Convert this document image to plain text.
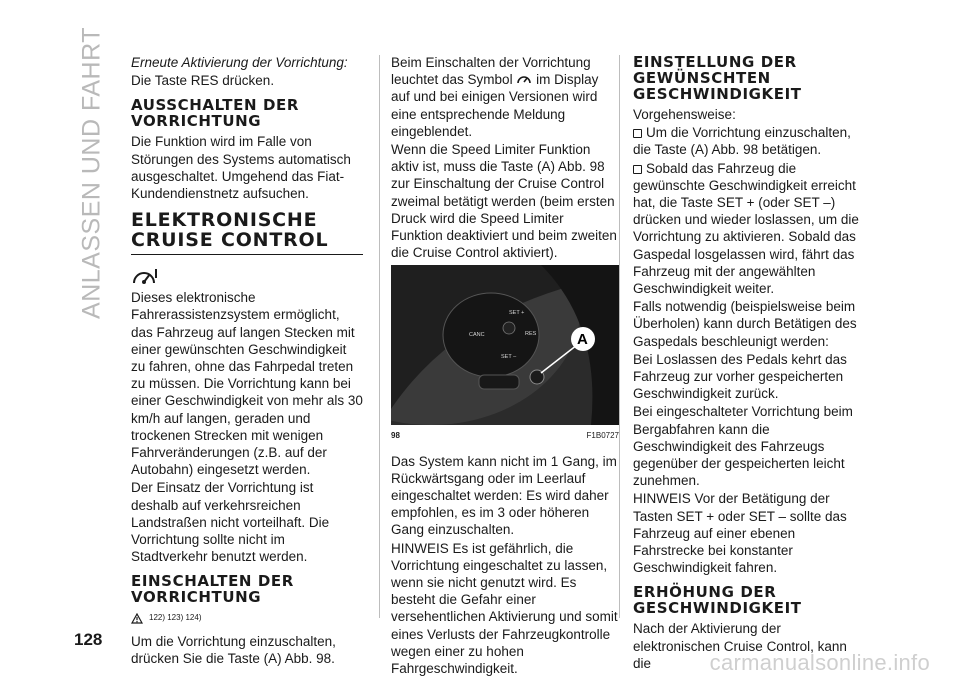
ANLASSEN UND FAHRT Erneute Aktivierung der Vorrichtung:

Die Taste RES drücken.

AUSSCHALTEN DER VORRICHTUNG

Die Funktion wird im Falle von Störungen des Systems automatisch ausgeschaltet. Umgehend das Fiat-Kundendienstnetz aufsuchen.

ELEKTRONISCHE CRUISE CONTROL

Dieses elektronische Fahrerassistenzsystem ermöglicht, das Fahrzeug auf langen Stecken mit einer gewünschten Geschwindigkeit zu fahren, ohne das Fahrpedal treten zu müssen. Die Vorrichtung kann bei einer Geschwindigkeit von mehr als 30 km/h auf langen, geraden und trockenen Strecken mit wenigen Fahrveränderungen (z.B. auf der Autobahn) eingesetzt werden.

Der Einsatz der Vorrichtung ist deshalb auf verkehrsreichen Landstraßen nicht vorteilhaft. Die Vorrichtung sollte nicht im Stadtverkehr benutzt werden.

EINSCHALTEN DER VORRICHTUNG
122) 123) 124)

Um die Vorrichtung einzuschalten, drücken Sie die Taste (A) Abb. 98.

Beim Einschalten der Vorrichtung leuchtet das Symbol im Display auf und bei einigen Versionen wird eine entsprechende Meldung eingeblendet.

Wenn die Speed Limiter Funktion aktiv ist, muss die Taste (A) Abb. 98 zur Einschaltung der Cruise Control zweimal betätigt werden (beim ersten Druck wird die Speed Limiter Funktion deaktiviert und beim zweiten die Cruise Control aktiviert).

SET +
CANC	RES
SET –
A
98	F1B0727

Das System kann nicht im 1 Gang, im Rückwärtsgang oder im Leerlauf eingeschaltet werden: Es wird daher empfohlen, es im 3 oder höheren Gang einzuschalten.

HINWEIS Es ist gefährlich, die Vorrichtung eingeschaltet zu lassen, wenn sie nicht genutzt wird. Es besteht die Gefahr einer versehentlichen Aktivierung und somit eines Verlusts der Fahrzeugkontrolle wegen einer zu hohen Fahrgeschwindigkeit.

EINSTELLUNG DER GEWÜNSCHTEN GESCHWINDIGKEIT

Vorgehensweise:

Um die Vorrichtung einzuschalten, die Taste (A) Abb. 98 betätigen.

Sobald das Fahrzeug die gewünschte Geschwindigkeit erreicht hat, die Taste SET + (oder SET –) drücken und wieder loslassen, um die Vorrichtung zu aktivieren. Sobald das Gaspedal losgelassen wird, fährt das Fahrzeug mit der angewählten Geschwindigkeit weiter.

Falls notwendig (beispielsweise beim Überholen) kann durch Betätigen des Gaspedals beschleunigt werden:

Bei Loslassen des Pedals kehrt das Fahrzeug zur vorher gespeicherten Geschwindigkeit zurück.

Bei eingeschalteter Vorrichtung beim Bergabfahren kann die Geschwindigkeit des Fahrzeugs gegenüber der gespeicherten leicht zunehmen.

HINWEIS Vor der Betätigung der Tasten SET + oder SET – sollte das Fahrzeug auf einer ebenen Fahrstrecke bei konstanter Geschwindigkeit fahren.

ERHÖHUNG DER GESCHWINDIGKEIT

Nach der Aktivierung der elektronischen Cruise Control, kann die

128
carmanualsonline.info
